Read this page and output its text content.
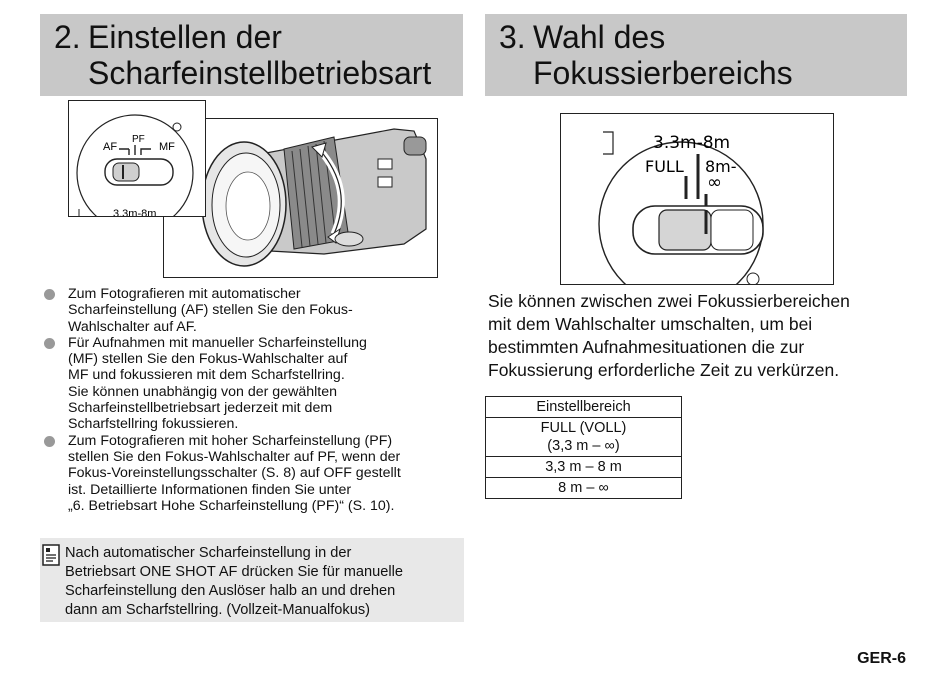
2. Einstellen der
Scharfeinstellbetriebsart
3. Wahl des
Fokussierbereichs
AF
PF
MF
3.3m-8m

Zum Fotografieren mit automatischer

Scharfeinstellung (AF) stellen Sie den Fokus-

Wahlschalter auf AF.

Für Aufnahmen mit manueller Scharfeinstellung

(MF) stellen Sie den Fokus-Wahlschalter auf

MF und fokussieren mit dem Scharfstellring.

Sie können unabhängig von der gewählten

Scharfeinstellbetriebsart jederzeit mit dem

Scharfstellring fokussieren.

Zum Fotografieren mit hoher Scharfeinstellung (PF)

stellen Sie den Fokus-Wahlschalter auf PF, wenn der

Fokus-Voreinstellungsschalter (S. 8) auf OFF gestellt

ist. Detaillierte Informationen finden Sie unter

„6. Betriebsart Hohe Scharfeinstellung (PF)“ (S. 10).

Nach automatischer Scharfeinstellung in der
Betriebsart ONE SHOT AF drücken Sie für manuelle
Scharfeinstellung den Auslöser halb an und drehen
dann am Scharfstellring. (Vollzeit-Manualfokus)
3.3m-8m
FULL 8m-
∞
Sie können zwischen zwei Fokussierbereichen
mit dem Wahlschalter umschalten, um bei
bestimmten Aufnahmesituationen die zur
Fokussierung erforderliche Zeit zu verkürzen.
Einstellbereich

FULL (VOLL)
(3,3 m – ∞)

3,3 m – 8 m
8 m – ∞
GER-6
